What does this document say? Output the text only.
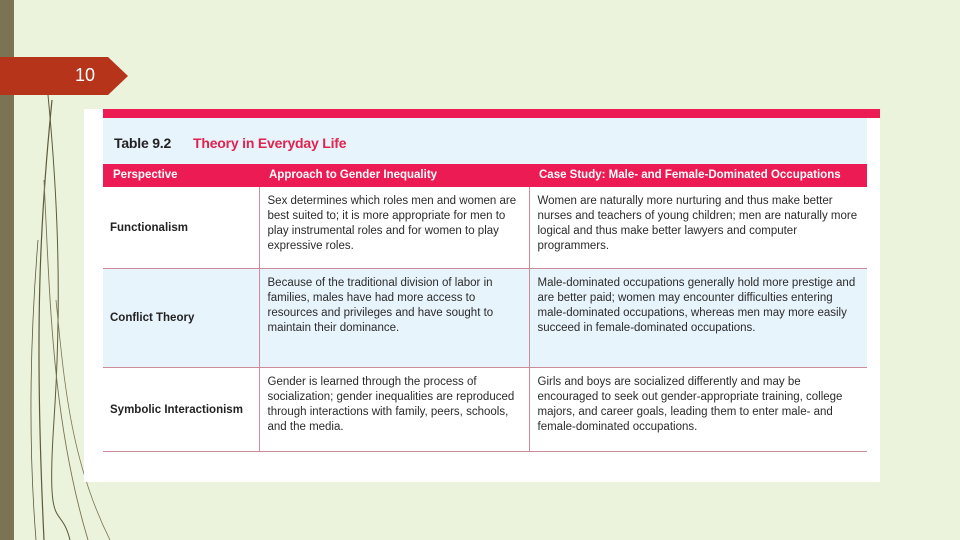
10
Table 9.2 Theory in Everyday Life
Perspective	Approach to Gender Inequality	Case Study: Male- and Female-Dominated Occupations
Functionalism	Sex determines which roles men and women are best suited to; it is more appropriate for men to play instrumental roles and for women to play expressive roles.	Women are naturally more nurturing and thus make better nurses and teachers of young children; men are naturally more logical and thus make better lawyers and computer programmers.
Conflict Theory	Because of the traditional division of labor in families, males have had more access to resources and privileges and have sought to maintain their dominance.	Male-dominated occupations generally hold more prestige and are better paid; women may encounter difficulties entering male-dominated occupations, whereas men may more easily succeed in female-dominated occupations.
Symbolic Interactionism	Gender is learned through the process of socialization; gender inequalities are reproduced through interactions with family, peers, schools, and the media.	Girls and boys are socialized differently and may be encouraged to seek out gender-appropriate training, college majors, and career goals, leading them to enter male- and female-dominated occupations.
